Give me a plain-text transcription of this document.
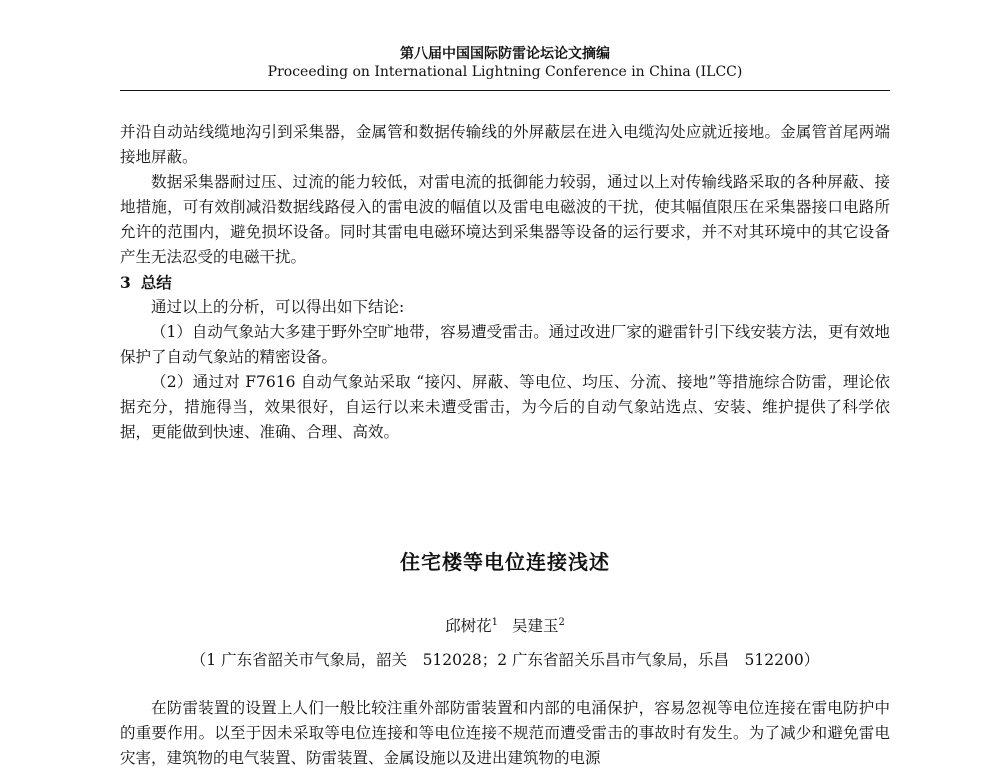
第八届中国国际防雷论坛论文摘编
Proceeding on International Lightning Conference in China (ILCC)

并沿自动站线缆地沟引到采集器，金属管和数据传输线的外屏蔽层在进入电缆沟处应就近接地。金属管首尾两端接地屏蔽。

数据采集器耐过压、过流的能力较低，对雷电流的抵御能力较弱，通过以上对传输线路采取的各种屏蔽、接地措施，可有效削减沿数据线路侵入的雷电波的幅值以及雷电电磁波的干扰，使其幅值限压在采集器接口电路所允许的范围内，避免损坏设备。同时其雷电电磁环境达到采集器等设备的运行要求，并不对其环境中的其它设备产生无法忍受的电磁干扰。

3 总结

通过以上的分析，可以得出如下结论:

（1）自动气象站大多建于野外空旷地带，容易遭受雷击。通过改进厂家的避雷针引下线安装方法，更有效地保护了自动气象站的精密设备。

（2）通过对 F7616 自动气象站采取 “接闪、屏蔽、等电位、均压、分流、接地”等措施综合防雷，理论依据充分，措施得当，效果很好，自运行以来未遭受雷击，为今后的自动气象站选点、安装、维护提供了科学依据，更能做到快速、准确、合理、高效。

住宅楼等电位连接浅述
邱树花$^1$ 吴建玉$^2$
（1 广东省韶关市气象局，韶关　512028；2 广东省韶关乐昌市气象局，乐昌　512200）

在防雷装置的设置上人们一般比较注重外部防雷装置和内部的电涌保护，容易忽视等电位连接在雷电防护中的重要作用。以至于因未采取等电位连接和等电位连接不规范而遭受雷击的事故时有发生。为了减少和避免雷电灾害，建筑物的电气装置、防雷装置、金属设施以及进出建筑物的电源
